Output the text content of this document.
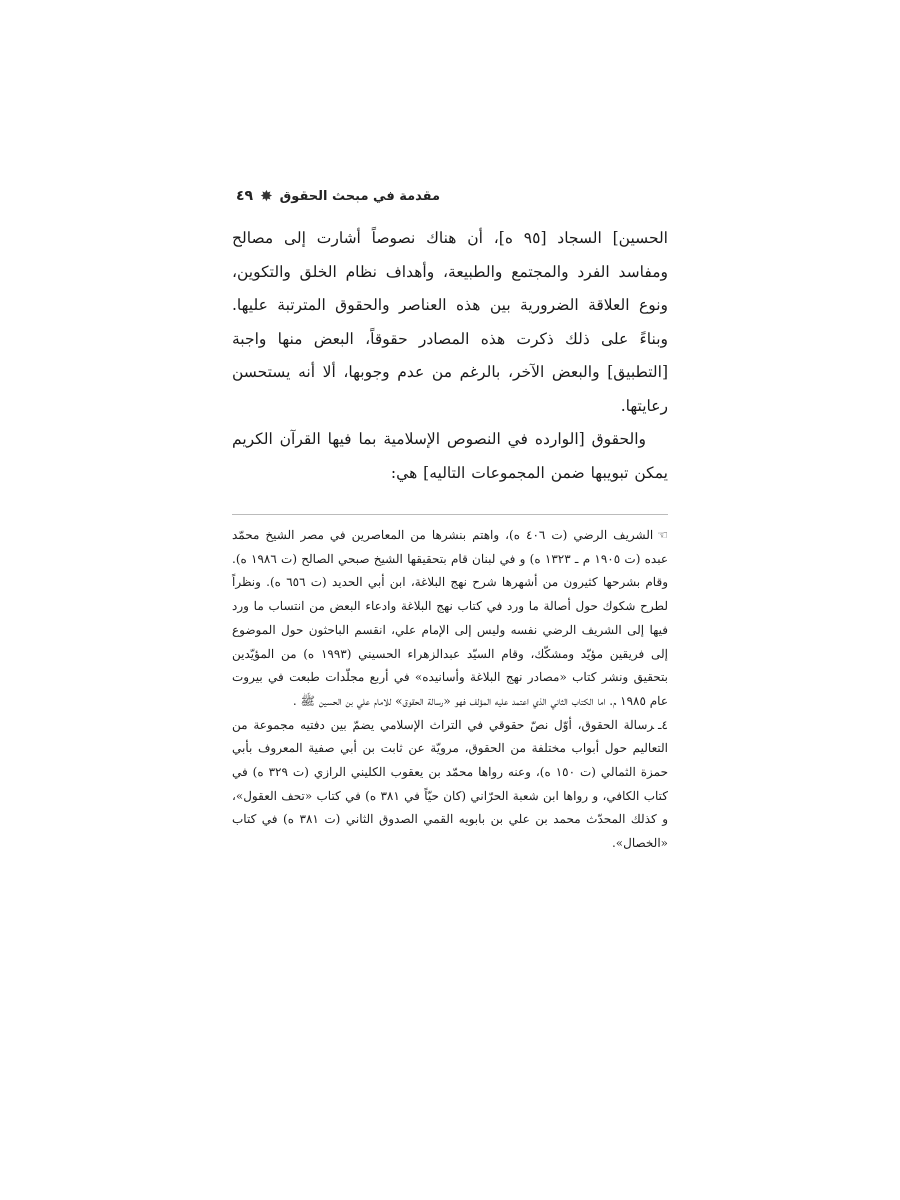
٤٩ ✸ مقدمة في مبحث الحقوق

الحسين] السجاد [٩٥ ه]، أن هناك نصوصاً أشارت إلى مصالح ومفاسد الفرد والمجتمع والطبيعة، وأهداف نظام الخلق والتكوين، ونوع العلاقة الضرورية بين هذه العناصر والحقوق المترتبة عليها. وبناءً على ذلك ذكرت هذه المصادر حقوقاً، البعض منها واجبة [التطبيق] والبعض الآخر، بالرغم من عدم وجوبها، ألا أنه يستحسن رعايتها.

والحقوق [الوارده في النصوص الإسلامية بما فيها القرآن الكريم يمكن تبويبها ضمن المجموعات التاليه] هي:

☜الشريف الرضي (ت ٤٠٦ ه)، واهتم بنشرها من المعاصرين في مصر الشيخ محمّد عبده (ت ١٩٠٥ م ـ ١٣٢٣ ه) و في لبنان قام بتحقيقها الشيخ صبحي الصالح (ت ١٩٨٦ ه). وقام بشرحها كثيرون من أشهرها شرح نهج البلاغة، ابن أبي الحديد (ت ٦٥٦ ه). ونظراً لطرح شكوك حول أصالة ما ورد في كتاب نهج البلاغة وادعاء البعض من انتساب ما ورد فيها إلى الشريف الرضي نفسه وليس إلى الإمام علي، انقسم الباحثون حول الموضوع إلى فريقين مؤيّد ومشكّك، وقام السيّد عبدالزهراء الحسيني (١٩٩٣ ه) من المؤيّدين بتحقيق ونشر كتاب «مصادر نهج البلاغة وأسانيده» في أربع مجلّدات طبعت في بيروت عام ١٩٨٥ م. اما الكتاب الثاني الذي اعتمد عليه المؤلف فهو «رسالة الحقوق» للامام علي بن الحسين ﷺ .

٤ـرسالة الحقوق، أوّل نصّ حقوقي في التراث الإسلامي يضمّ بين دفتيه مجموعة من التعاليم حول أبواب مختلفة من الحقوق، مرويّة عن ثابت بن أبي صفية المعروف بأبي حمزة الثمالي (ت ١٥٠ ه)، وعنه رواها محمّد بن يعقوب الكليني الرازي (ت ٣٢٩ ه) في كتاب الكافي، و رواها ابن شعبة الحرّاني (كان حيّاً في ٣٨١ ه) في كتاب «تحف العقول»، و كذلك المحدّث محمد بن علي بن بابويه القمي الصدوق الثاني (ت ٣٨١ ه) في كتاب «الخصال».
